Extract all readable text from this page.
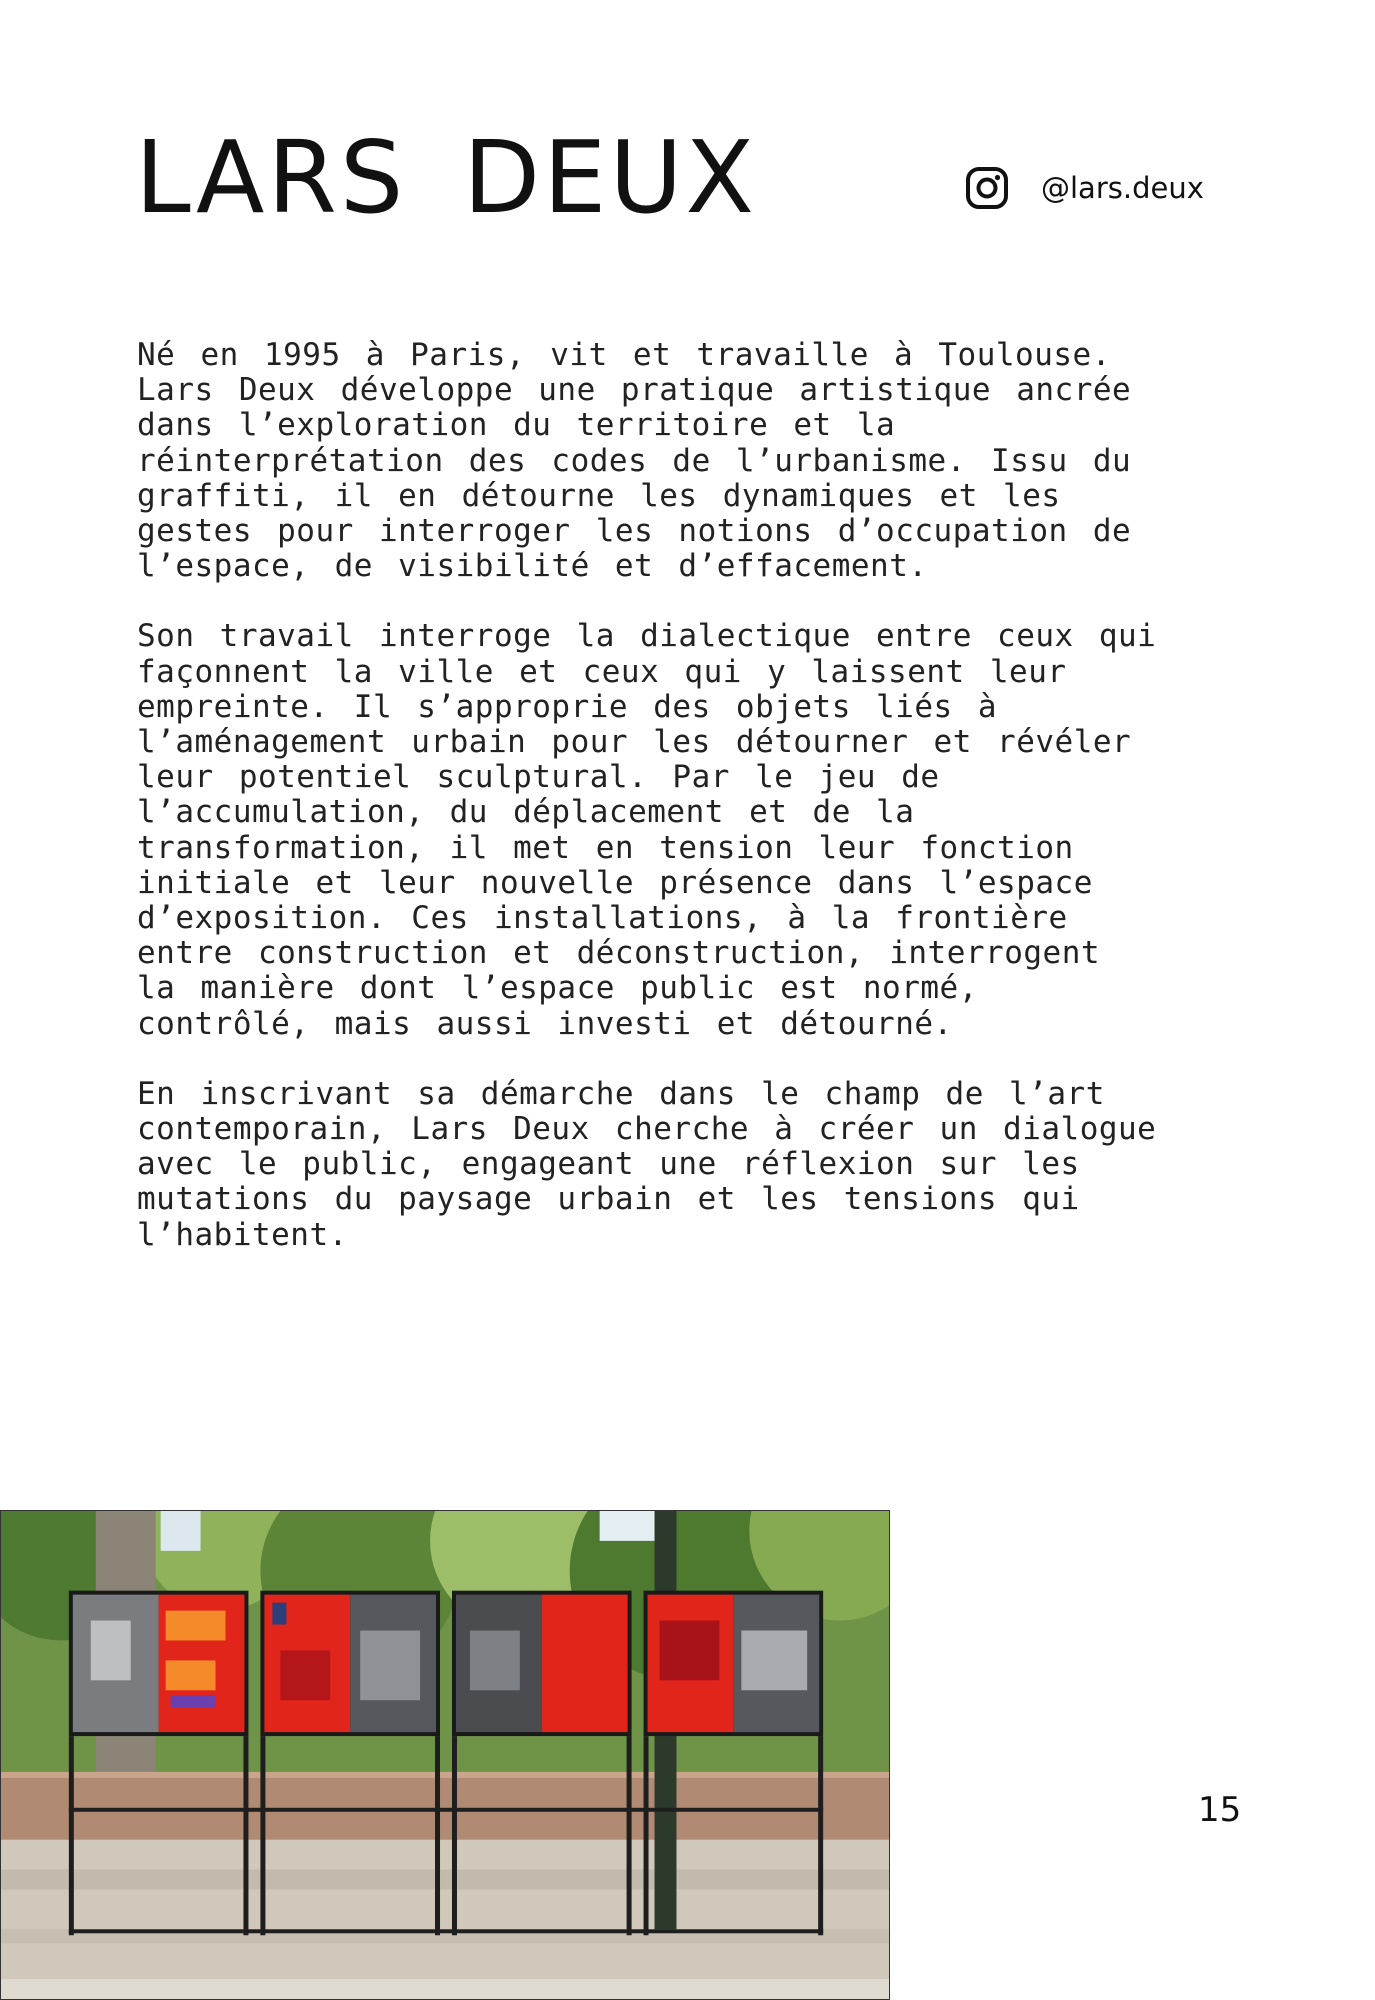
LARS DEUX	@lars.deux

Né en 1995 à Paris, vit et travaille à Toulouse. Lars Deux développe une pratique artistique ancrée dans l’exploration du territoire et la réinterprétation des codes de l’urbanisme. Issu du graffiti, il en détourne les dynamiques et les gestes pour interroger les notions d’occupation de l’espace, de visibilité et d’effacement.

Son travail interroge la dialectique entre ceux qui façonnent la ville et ceux qui y laissent leur empreinte. Il s’approprie des objets liés à l’aménagement urbain pour les détourner et révéler leur potentiel sculptural. Par le jeu de l’accumulation, du déplacement et de la transformation, il met en tension leur fonction initiale et leur nouvelle présence dans l’espace d’exposition. Ces installations, à la frontière entre construction et déconstruction, interrogent la manière dont l’espace public est normé, contrôlé, mais aussi investi et détourné.

En inscrivant sa démarche dans le champ de l’art contemporain, Lars Deux cherche à créer un dialogue avec le public, engageant une réflexion sur les mutations du paysage urbain et les tensions qui l’habitent.

15
